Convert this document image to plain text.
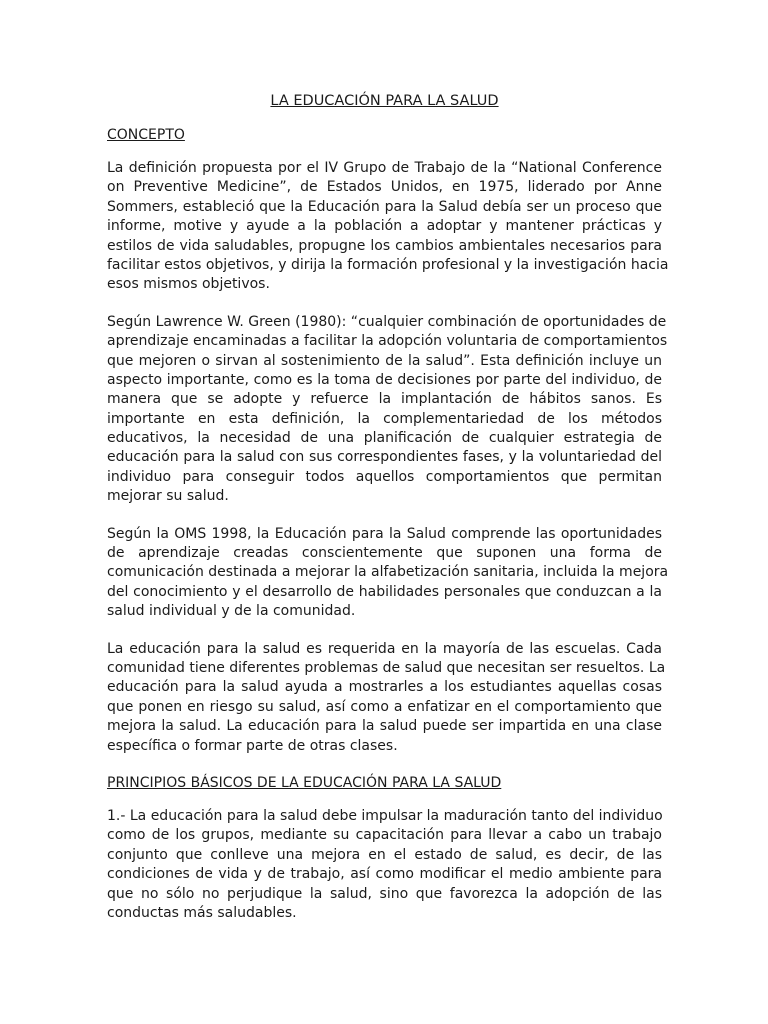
LA EDUCACIÓN PARA LA SALUD
CONCEPTO

La definición propuesta por el IV Grupo de Trabajo de la “National Conference
on Preventive Medicine”, de Estados Unidos, en 1975, liderado por Anne
Sommers, estableció que la Educación para la Salud debía ser un proceso que
informe, motive y ayude a la población a adoptar y mantener prácticas y
estilos de vida saludables, propugne los cambios ambientales necesarios para
facilitar estos objetivos, y dirija la formación profesional y la investigación hacia
esos mismos objetivos.

Según Lawrence W. Green (1980): “cualquier combinación de oportunidades de
aprendizaje encaminadas a facilitar la adopción voluntaria de comportamientos
que mejoren o sirvan al sostenimiento de la salud”. Esta definición incluye un
aspecto importante, como es la toma de decisiones por parte del individuo, de
manera que se adopte y refuerce la implantación de hábitos sanos. Es
importante en esta definición, la complementariedad de los métodos
educativos, la necesidad de una planificación de cualquier estrategia de
educación para la salud con sus correspondientes fases, y la voluntariedad del
individuo para conseguir todos aquellos comportamientos que permitan
mejorar su salud.

Según la OMS 1998, la Educación para la Salud comprende las oportunidades
de aprendizaje creadas conscientemente que suponen una forma de
comunicación destinada a mejorar la alfabetización sanitaria, incluida la mejora
del conocimiento y el desarrollo de habilidades personales que conduzcan a la
salud individual y de la comunidad.

La educación para la salud es requerida en la mayoría de las escuelas. Cada
comunidad tiene diferentes problemas de salud que necesitan ser resueltos. La
educación para la salud ayuda a mostrarles a los estudiantes aquellas cosas
que ponen en riesgo su salud, así como a enfatizar en el comportamiento que
mejora la salud. La educación para la salud puede ser impartida en una clase
específica o formar parte de otras clases.

PRINCIPIOS BÁSICOS DE LA EDUCACIÓN PARA LA SALUD

1.- La educación para la salud debe impulsar la maduración tanto del individuo
como de los grupos, mediante su capacitación para llevar a cabo un trabajo
conjunto que conlleve una mejora en el estado de salud, es decir, de las
condiciones de vida y de trabajo, así como modificar el medio ambiente para
que no sólo no perjudique la salud, sino que favorezca la adopción de las
conductas más saludables.
